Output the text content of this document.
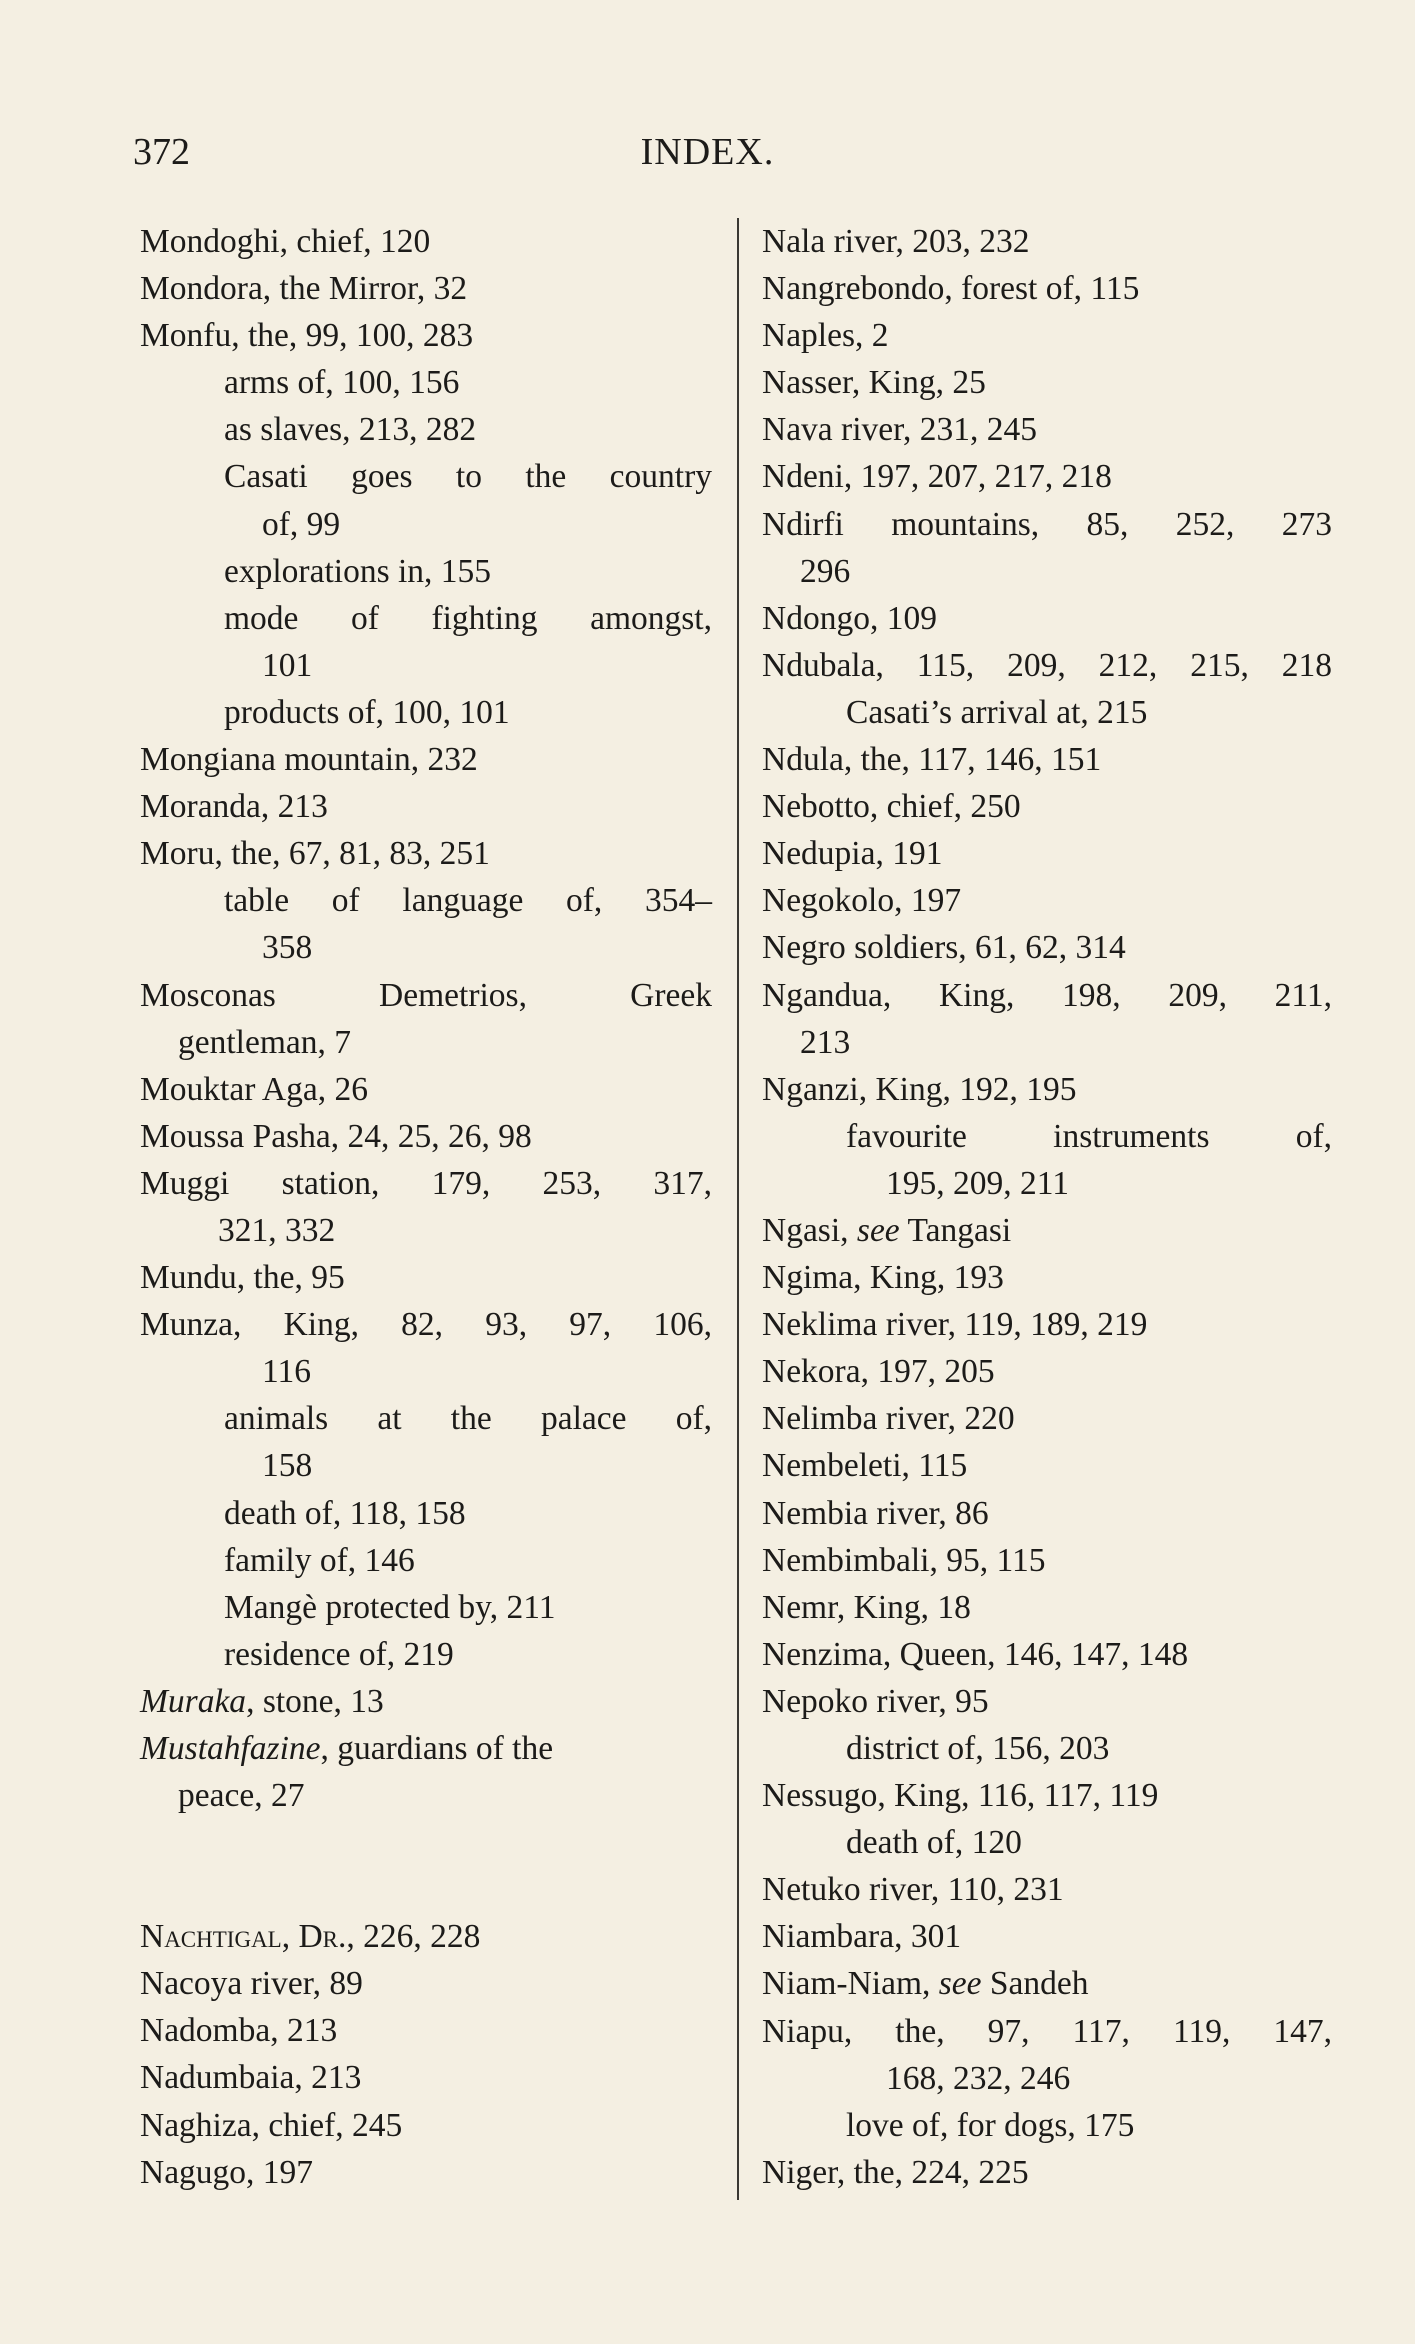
372	INDEX.
Mondoghi, chief, 120
Mondora, the Mirror, 32
Monfu, the, 99, 100, 283
arms of, 100, 156
as slaves, 213, 282
Casati goes to the country
of, 99
explorations in, 155
mode of fighting amongst,
101
products of, 100, 101
Mongiana mountain, 232
Moranda, 213
Moru, the, 67, 81, 83, 251
table of language of, 354–
358
Mosconas Demetrios, Greek
gentleman, 7
Mouktar Aga, 26
Moussa Pasha, 24, 25, 26, 98
Muggi station, 179, 253, 317,
321, 332
Mundu, the, 95
Munza, King, 82, 93, 97, 106,
116
animals at the palace of,
158
death of, 118, 158
family of, 146
Mangè protected by, 211
residence of, 219
Muraka, stone, 13
Mustahfazine, guardians of the
peace, 27
Nachtigal, Dr., 226, 228
Nacoya river, 89
Nadomba, 213
Nadumbaia, 213
Naghiza, chief, 245
Nagugo, 197
Nala river, 203, 232
Nangrebondo, forest of, 115
Naples, 2
Nasser, King, 25
Nava river, 231, 245
Ndeni, 197, 207, 217, 218
Ndirfi mountains, 85, 252, 273
296
Ndongo, 109
Ndubala, 115, 209, 212, 215, 218
Casati’s arrival at, 215
Ndula, the, 117, 146, 151
Nebotto, chief, 250
Nedupia, 191
Negokolo, 197
Negro soldiers, 61, 62, 314
Ngandua, King, 198, 209, 211,
213
Nganzi, King, 192, 195
favourite instruments of,
195, 209, 211
Ngasi, see Tangasi
Ngima, King, 193
Neklima river, 119, 189, 219
Nekora, 197, 205
Nelimba river, 220
Nembeleti, 115
Nembia river, 86
Nembimbali, 95, 115
Nemr, King, 18
Nenzima, Queen, 146, 147, 148
Nepoko river, 95
district of, 156, 203
Nessugo, King, 116, 117, 119
death of, 120
Netuko river, 110, 231
Niambara, 301
Niam-Niam, see Sandeh
Niapu, the, 97, 117, 119, 147,
168, 232, 246
love of, for dogs, 175
Niger, the, 224, 225
